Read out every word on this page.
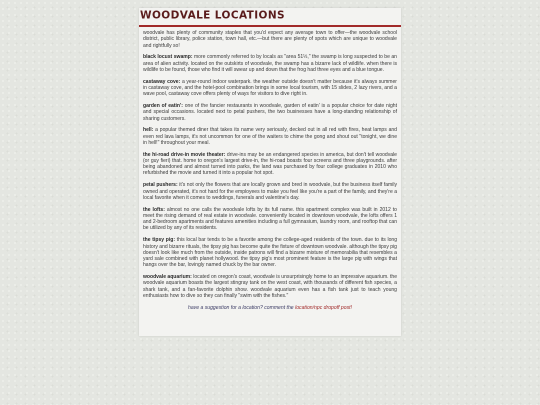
WOODVALE LOCATIONS

woodvale has plenty of community staples that you'd expect any average town to offer—the woodvale school district, public library, police station, town hall, etc.—but there are plenty of spots which are unique to woodvale and rightfully so!

black locust swamp: more commonly referred to by locals as "area 51½," the swamp is long suspected to be an area of alien activity. located on the outskirts of woodvale, the swamp has a bizarre lack of wildlife. when there is wildlife to be found, those who find it will swear up and down that the frog had three eyes and a blue tongue.

castaway cove: a year-round indoor waterpark. the weather outside doesn't matter because it's always summer in castaway cove, and the hotel-pool combination brings in some local tourism, with 15 slides, 2 lazy rivers, and a wave pool, castaway cove offers plenty of ways for visitors to dive right in.

garden of eatin': one of the fancier restaurants in woodvale, garden of eatin' is a popular choice for date night and special occasions. located next to petal pushers, the two businesses have a long-standing relationship of sharing customers.

hell: a popular themed diner that takes its name very seriously, decked out in all red with fires, heat lamps and even red lava lamps, it's not uncommon for one of the waiters to chime the gong and shout out "tonight, we dine in hell!" throughout your meal.

the hi-road drive-in movie theater: drive-ins may be an endangered species in america, but don't tell woodvale (or guy fieri) that. home to oregon's largest drive-in, the hi-road boasts four screens and three playgrounds. after being abandoned and almost turned into parks, the land was purchased by four college graduates in 2010 who refurbished the movie and turned it into a popular hot spot.

petal pushers: it's not only the flowers that are locally grown and bred in woodvale, but the business itself family owned and operated, it's not hard for the employees to make you feel like you're a part of the family, and they're a local favorite when it comes to weddings, funerals and valentine's day.

the lofts: almost no one calls the woodvale lofts by its full name. this apartment complex was built in 2012 to meet the rising demand of real estate in woodvale. conveniently located in downtown woodvale, the lofts offers 1 and 2-bedroom apartments and features amenities including a full gymnasium, laundry room, and rooftop that can be utilized by any of its residents.

the tipsy pig: this local bar tends to be a favorite among the college-aged residents of the town. due to its long history and bizarre rituals, the tipsy pig has become quite the fixture of downtown woodvale. although the tipsy pig doesn't look like much from the outside, inside patrons will find a bizarre mixture of memorabilia that resembles a yard sale combined with planet hollywood. the tipsy pig's most prominent feature is the large pig with wings that hangs over the bar, lovingly named chuck by the bar owner.

woodvale aquarium: located on oregon's coast, woodvale is unsurprisingly home to an impressive aquarium. the woodvale aquarium boasts the largest stingray tank on the west coast, with thousands of different fish species, a shark tank, and a fan-favorite dolphin show. woodvale aquarium even has a fish tank just to teach young enthusiasts how to dive so they can finally "swim with the fishes."

have a suggestion for a location? comment the location/npc dropoff post!
